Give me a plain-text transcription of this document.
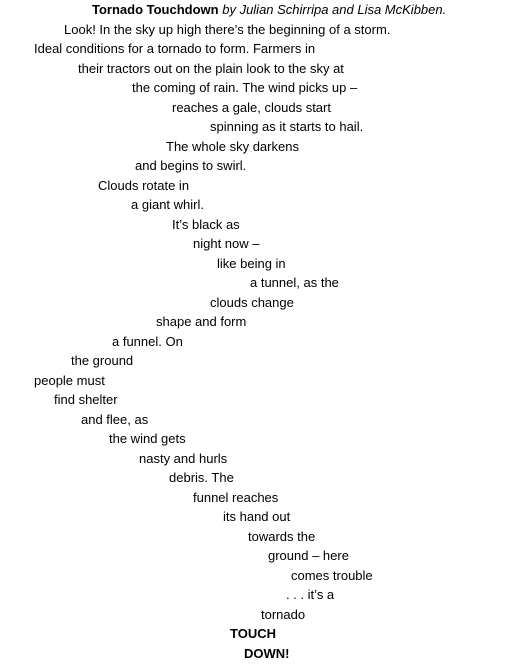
Tornado Touchdown by Julian Schirripa and Lisa McKibben.

Look! In the sky up high there’s the beginning of a storm.

Ideal conditions for a tornado to form. Farmers in

their tractors out on the plain look to the sky at

the coming of rain. The wind picks up –

reaches a gale, clouds start

spinning as it starts to hail.

The whole sky darkens

and begins to swirl.

Clouds rotate in

a giant whirl.

It’s black as

night now –

like being in

a tunnel, as the

clouds change

shape and form

a funnel. On

the ground

people must

find shelter

and flee, as

the wind gets

nasty and hurls

debris. The

funnel reaches

its hand out

towards the

ground – here

comes trouble

. . . it’s a

tornado

TOUCH

DOWN!
